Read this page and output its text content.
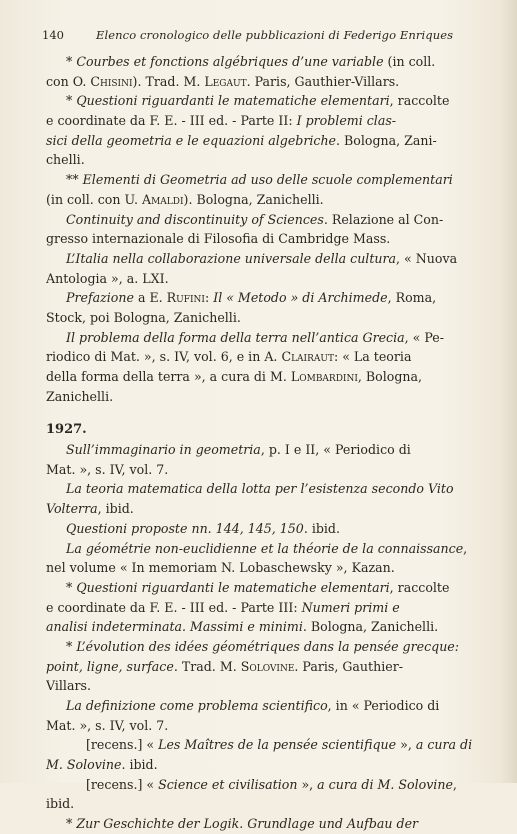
140	Elenco cronologico delle pubblicazioni di Federigo Enriques
* Courbes et fonctions algébriques d’une variable (in coll.
con O. Chisini). Trad. M. Legaut. Paris, Gauthier-Villars.
* Questioni riguardanti le matematiche elementari, raccolte
e coordinate da F. E. - III ed. - Parte II: I problemi clas-
sici della geometria e le equazioni algebriche. Bologna, Zani-
chelli.
** Elementi di Geometria ad uso delle scuole complementari
(in coll. con U. Amaldi). Bologna, Zanichelli.
Continuity and discontinuity of Sciences. Relazione al Con-
gresso internazionale di Filosofia di Cambridge Mass.
L’Italia nella collaborazione universale della cultura, « Nuova
Antologia », a. LXI.
Prefazione a E. Rufini: Il « Metodo » di Archimede, Roma,
Stock, poi Bologna, Zanichelli.
Il problema della forma della terra nell’antica Grecia, « Pe-
riodico di Mat. », s. IV, vol. 6, e in A. Clairaut: « La teoria
della forma della terra », a cura di M. Lombardini, Bologna,
Zanichelli.
1927.
Sull’immaginario in geometria, p. I e II, « Periodico di
Mat. », s. IV, vol. 7.
La teoria matematica della lotta per l’esistenza secondo Vito
Volterra, ibid.
Questioni proposte nn. 144, 145, 150. ibid.
La géométrie non-euclidienne et la théorie de la connaissance,
nel volume « In memoriam N. Lobaschewsky », Kazan.
* Questioni riguardanti le matematiche elementari, raccolte
e coordinate da F. E. - III ed. - Parte III: Numeri primi e
analisi indeterminata. Massimi e minimi. Bologna, Zanichelli.
* L’évolution des idées géométriques dans la pensée grecque:
point, ligne, surface. Trad. M. Solovine. Paris, Gauthier-
Villars.
La definizione come problema scientifico, in « Periodico di
Mat. », s. IV, vol. 7.
[recens.] « Les Maîtres de la pensée scientifique », a cura di
M. Solovine. ibid.
[recens.] « Science et civilisation », a cura di M. Solovine,
ibid.
* Zur Geschichte der Logik. Grundlage und Aufbau der
